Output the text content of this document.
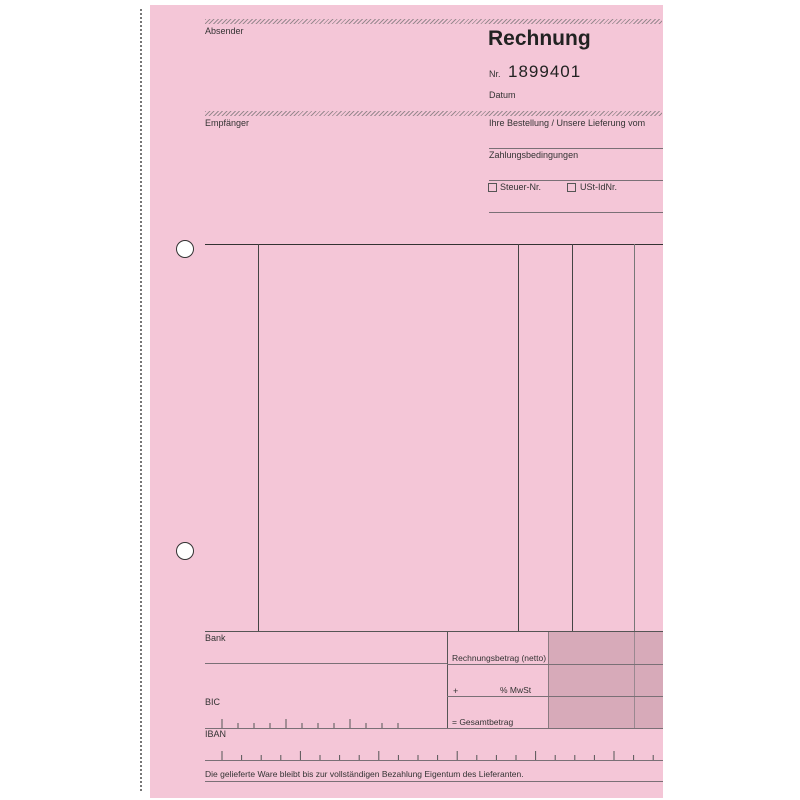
Absender	Rechnung
Nr. 1899401
Datum
Empfänger	Ihre Bestellung / Unsere Lieferung vom
Zahlungsbedingungen
Steuer-Nr.	USt-IdNr.
Bank
Rechnungsbetrag (netto)
+	% MwSt
BIC
= Gesamtbetrag
IBAN
Die gelieferte Ware bleibt bis zur vollständigen Bezahlung Eigentum des Lieferanten.
